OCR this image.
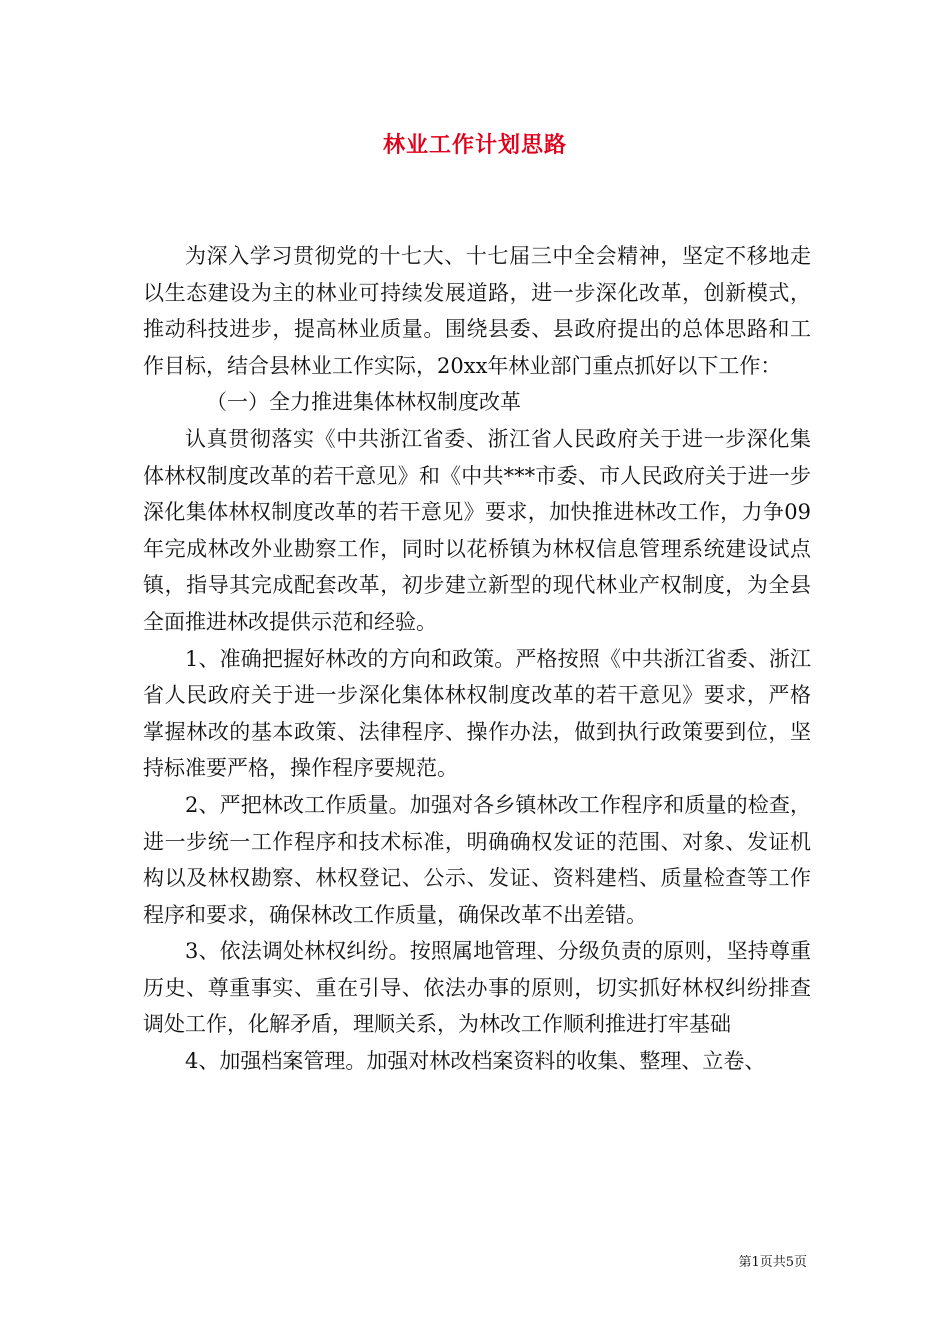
林业工作计划思路

为深入学习贯彻党的十七大、十七届三中全会精神，坚定不移地走以生态建设为主的林业可持续发展道路，进一步深化改革，创新模式，推动科技进步，提高林业质量。围绕县委、县政府提出的总体思路和工作目标，结合县林业工作实际，20xx年林业部门重点抓好以下工作：

（一）全力推进集体林权制度改革

认真贯彻落实《中共浙江省委、浙江省人民政府关于进一步深化集体林权制度改革的若干意见》和《中共***市委、市人民政府关于进一步深化集体林权制度改革的若干意见》要求，加快推进林改工作，力争09年完成林改外业勘察工作，同时以花桥镇为林权信息管理系统建设试点镇，指导其完成配套改革，初步建立新型的现代林业产权制度，为全县全面推进林改提供示范和经验。

1、准确把握好林改的方向和政策。严格按照《中共浙江省委、浙江省人民政府关于进一步深化集体林权制度改革的若干意见》要求，严格掌握林改的基本政策、法律程序、操作办法，做到执行政策要到位，坚持标准要严格，操作程序要规范。

2、严把林改工作质量。加强对各乡镇林改工作程序和质量的检查，进一步统一工作程序和技术标准，明确确权发证的范围、对象、发证机构以及林权勘察、林权登记、公示、发证、资料建档、质量检查等工作程序和要求，确保林改工作质量，确保改革不出差错。

3、依法调处林权纠纷。按照属地管理、分级负责的原则，坚持尊重历史、尊重事实、重在引导、依法办事的原则，切实抓好林权纠纷排查调处工作，化解矛盾，理顺关系，为林改工作顺利推进打牢基础

4、加强档案管理。加强对林改档案资料的收集、整理、立卷、

第1页共5页
